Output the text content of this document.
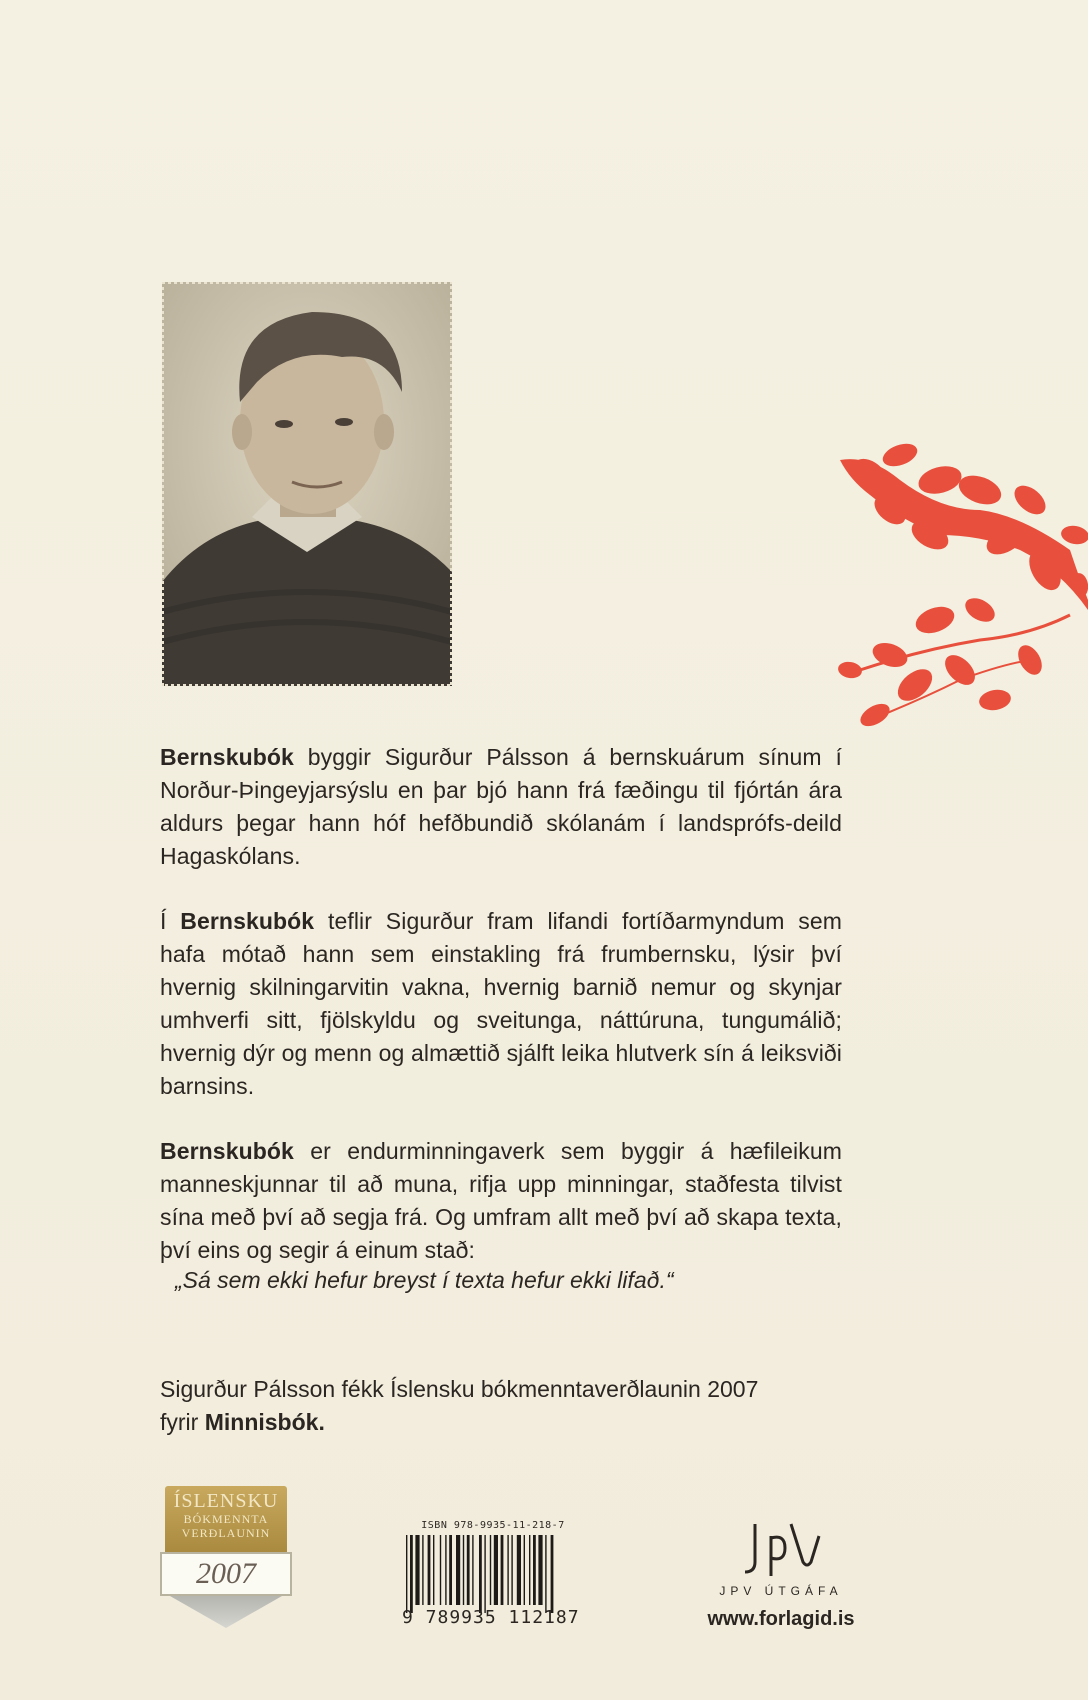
Bernskubók byggir Sigurður Pálsson á bernskuárum sínum í Norður-Þingeyjarsýslu en þar bjó hann frá fæðingu til fjórtán ára aldurs þegar hann hóf hefðbundið skólanám í landsprófs-deild Hagaskólans.
Í Bernskubók teflir Sigurður fram lifandi fortíðarmyndum sem hafa mótað hann sem einstakling frá frumbernsku, lýsir því hvernig skilningarvitin vakna, hvernig barnið nemur og skynjar umhverfi sitt, fjölskyldu og sveitunga, náttúruna, tungumálið; hvernig dýr og menn og almættið sjálft leika hlutverk sín á leiksviði barnsins.
Bernskubók er endurminningaverk sem byggir á hæfileikum manneskjunnar til að muna, rifja upp minningar, staðfesta tilvist sína með því að segja frá. Og umfram allt með því að skapa texta, því eins og segir á einum stað:
„Sá sem ekki hefur breyst í texta hefur ekki lifað.“
Sigurður Pálsson fékk Íslensku bókmenntaverðlaunin 2007
fyrir Minnisbók.
ÍSLENSKU
BÓKMENNTA
VERÐLAUNIN
2007
ISBN 978-9935-11-218-7
9 789935 112187
JPV ÚTGÁFA
www.forlagid.is
